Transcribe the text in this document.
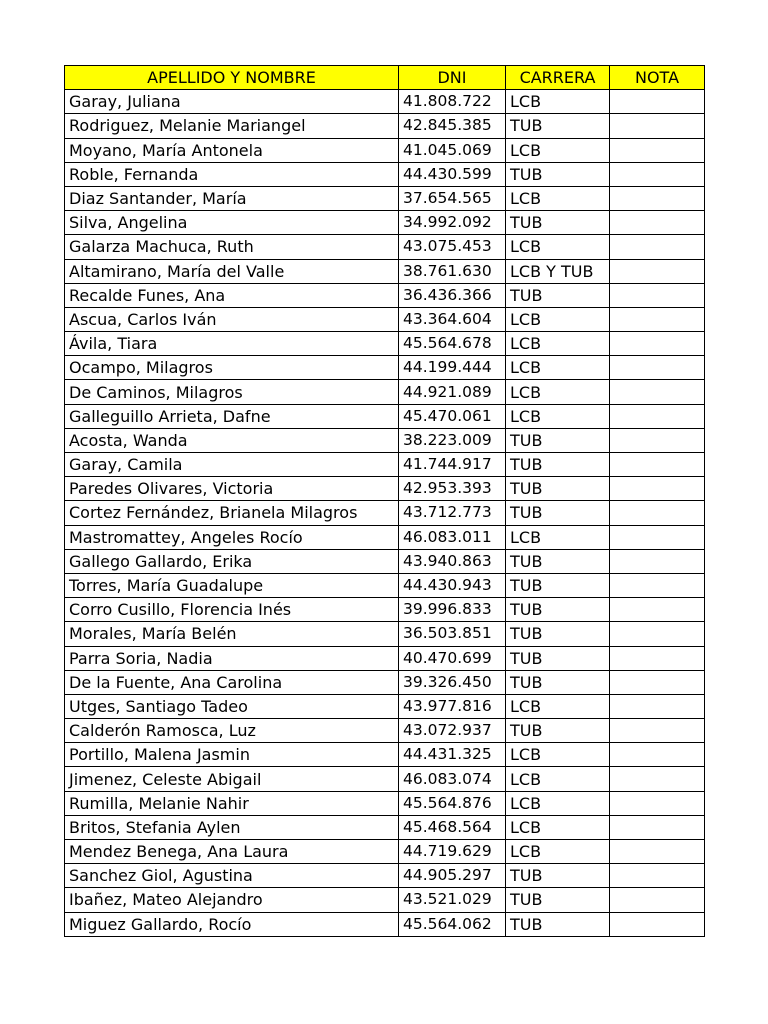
APELLIDO Y NOMBRE	DNI	CARRERA	NOTA
Garay, Juliana	41.808.722	LCB	
Rodriguez, Melanie Mariangel	42.845.385	TUB	
Moyano, María Antonela	41.045.069	LCB	
Roble, Fernanda	44.430.599	TUB	
Diaz Santander, María	37.654.565	LCB	
Silva, Angelina	34.992.092	TUB	
Galarza Machuca, Ruth	43.075.453	LCB	
Altamirano, María del Valle	38.761.630	LCB Y TUB	
Recalde Funes, Ana	36.436.366	TUB	
Ascua, Carlos Iván	43.364.604	LCB	
Ávila, Tiara	45.564.678	LCB	
Ocampo, Milagros	44.199.444	LCB	
De Caminos, Milagros	44.921.089	LCB	
Galleguillo Arrieta, Dafne	45.470.061	LCB	
Acosta, Wanda	38.223.009	TUB	
Garay, Camila	41.744.917	TUB	
Paredes Olivares, Victoria	42.953.393	TUB	
Cortez Fernández, Brianela Milagros	43.712.773	TUB	
Mastromattey, Angeles Rocío	46.083.011	LCB	
Gallego Gallardo, Erika	43.940.863	TUB	
Torres, María Guadalupe	44.430.943	TUB	
Corro Cusillo, Florencia Inés	39.996.833	TUB	
Morales, María Belén	36.503.851	TUB	
Parra Soria, Nadia	40.470.699	TUB	
De la Fuente, Ana Carolina	39.326.450	TUB	
Utges, Santiago Tadeo	43.977.816	LCB	
Calderón Ramosca, Luz	43.072.937	TUB	
Portillo, Malena Jasmin	44.431.325	LCB	
Jimenez, Celeste Abigail	46.083.074	LCB	
Rumilla, Melanie Nahir	45.564.876	LCB	
Britos, Stefania Aylen	45.468.564	LCB	
Mendez Benega, Ana Laura	44.719.629	LCB	
Sanchez Giol, Agustina	44.905.297	TUB	
Ibañez, Mateo Alejandro	43.521.029	TUB	
Miguez Gallardo, Rocío	45.564.062	TUB	
